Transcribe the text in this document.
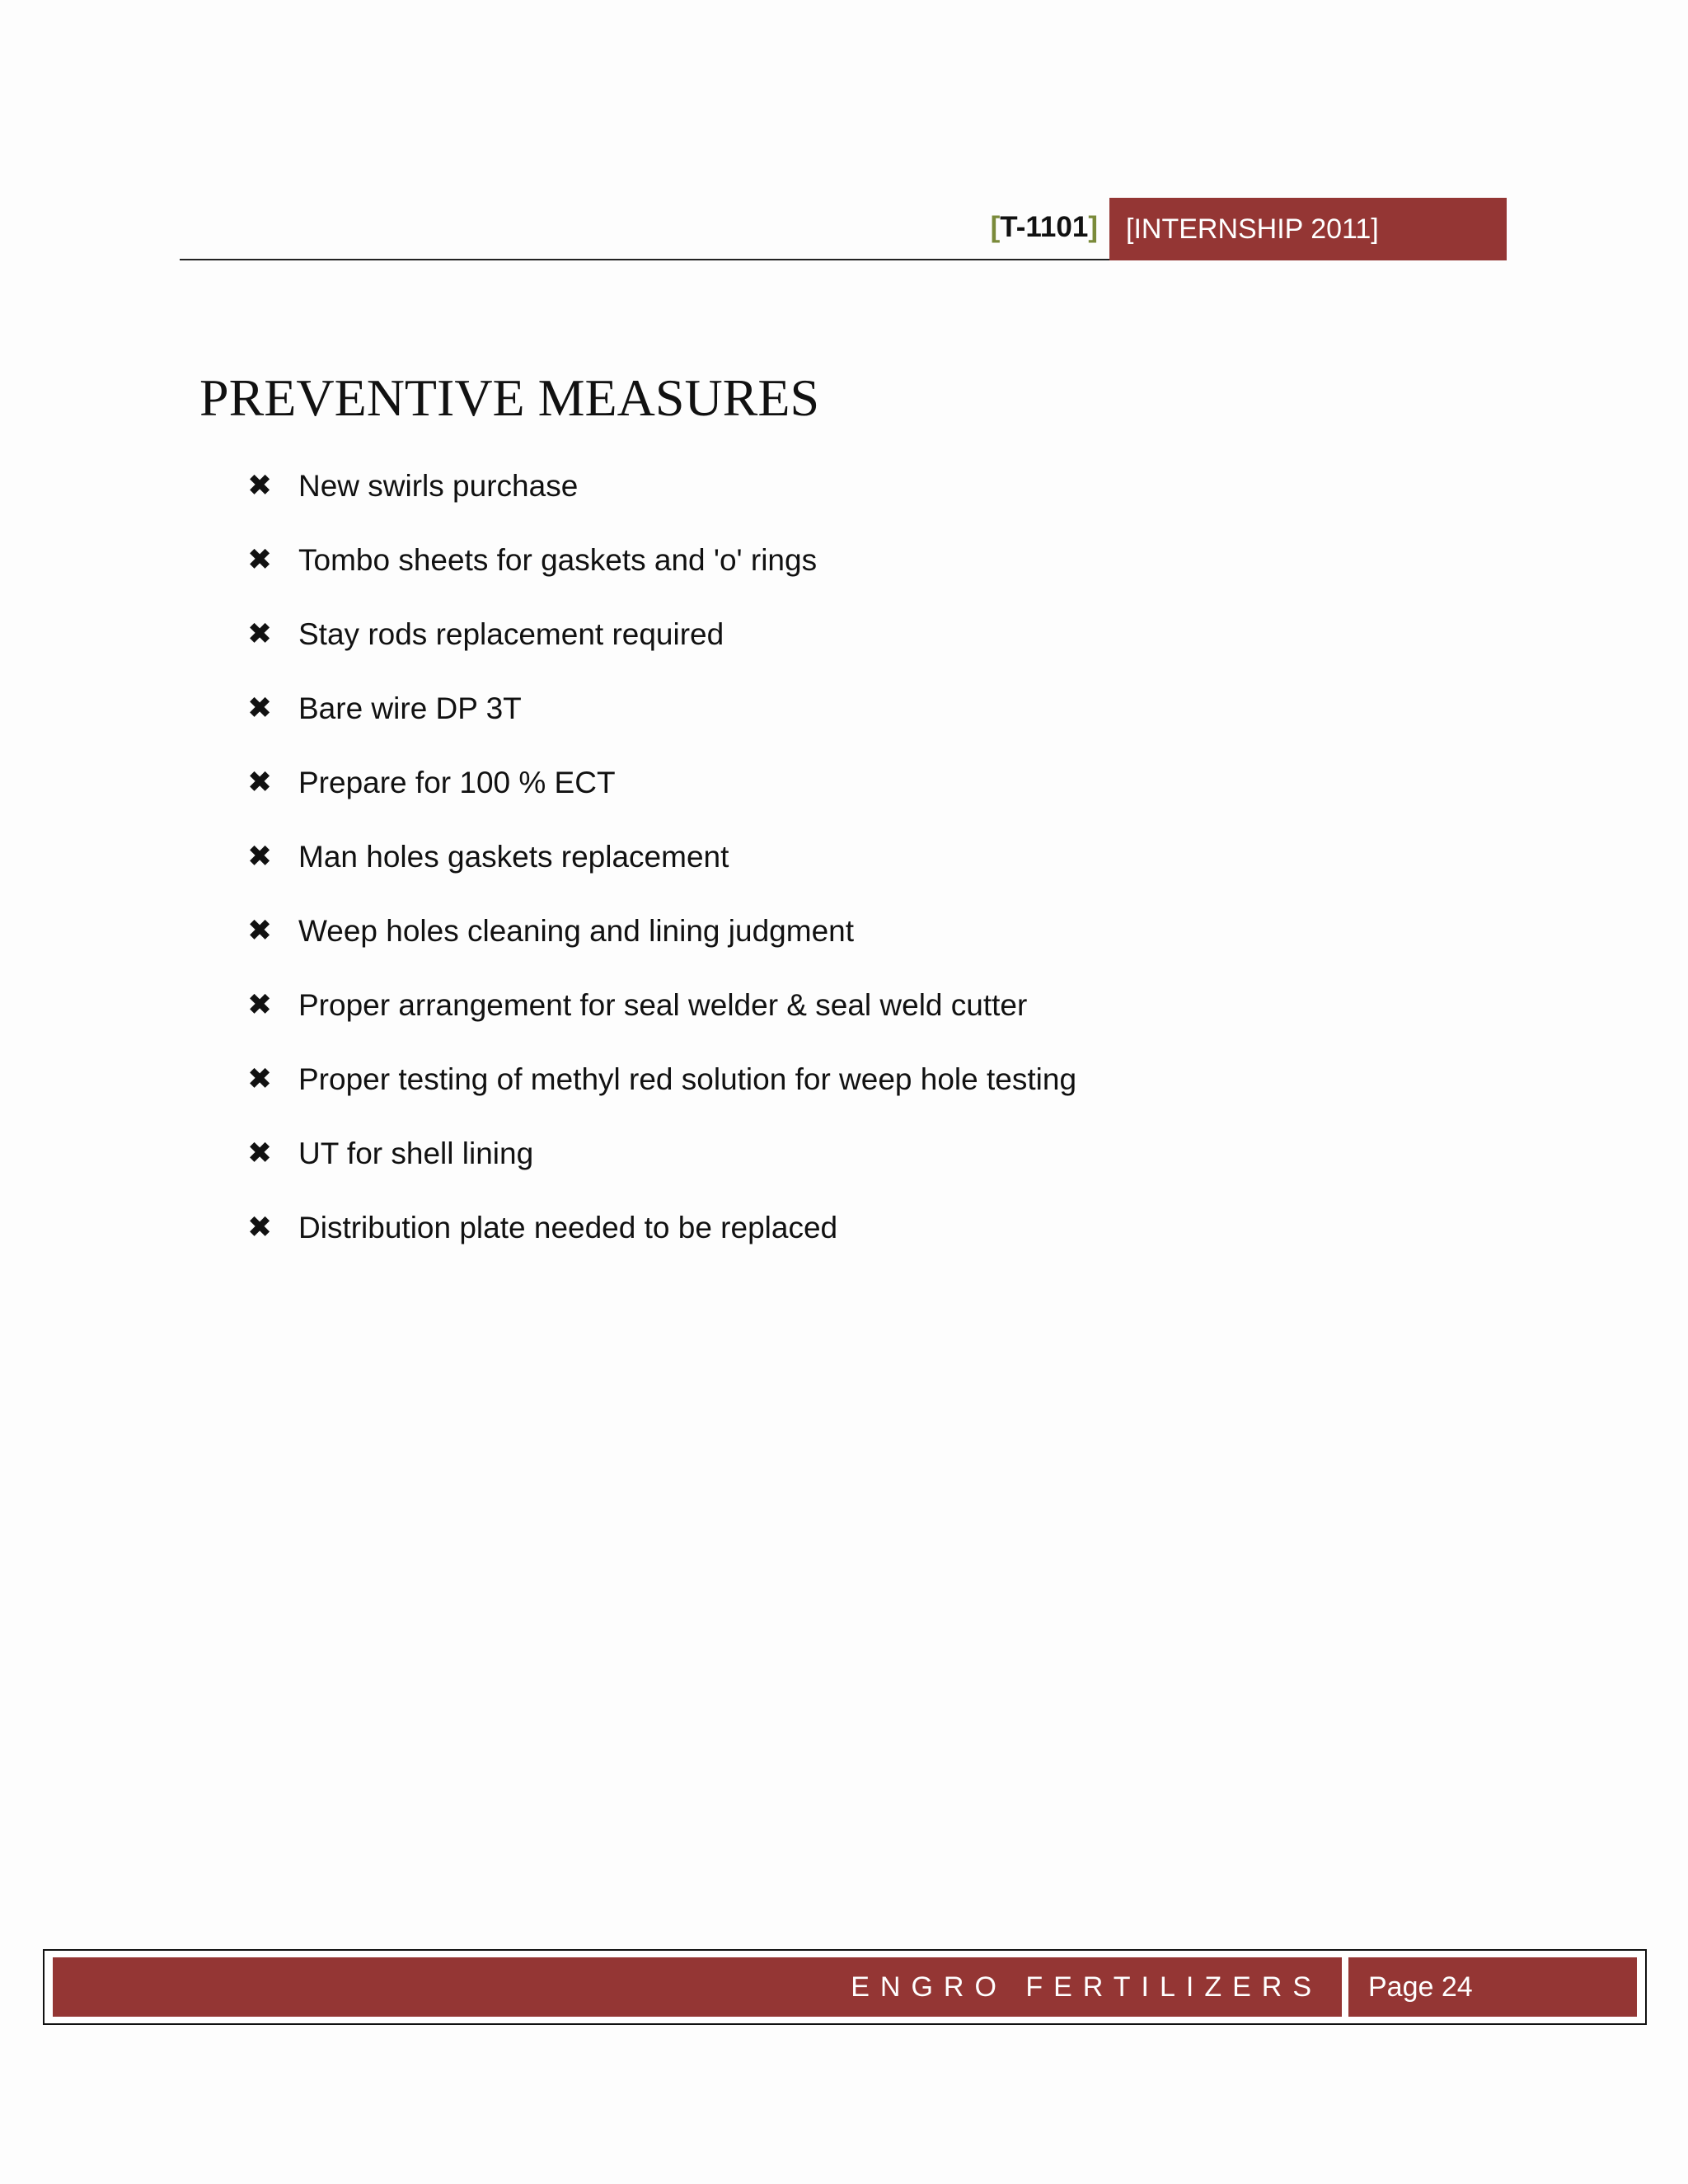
[T-1101]	[INTERNSHIP 2011]
PREVENTIVE MEASURES
✖ New swirls purchase
✖ Tombo sheets for gaskets and 'o' rings
✖ Stay rods replacement required
✖ Bare wire DP 3T
✖ Prepare for 100 % ECT
✖ Man holes gaskets replacement
✖ Weep holes cleaning and lining judgment
✖ Proper arrangement for seal welder & seal weld cutter
✖ Proper testing of methyl red solution for weep hole testing
✖ UT for shell lining
✖ Distribution plate needed to be replaced
ENGRO FERTILIZERS	Page 24
